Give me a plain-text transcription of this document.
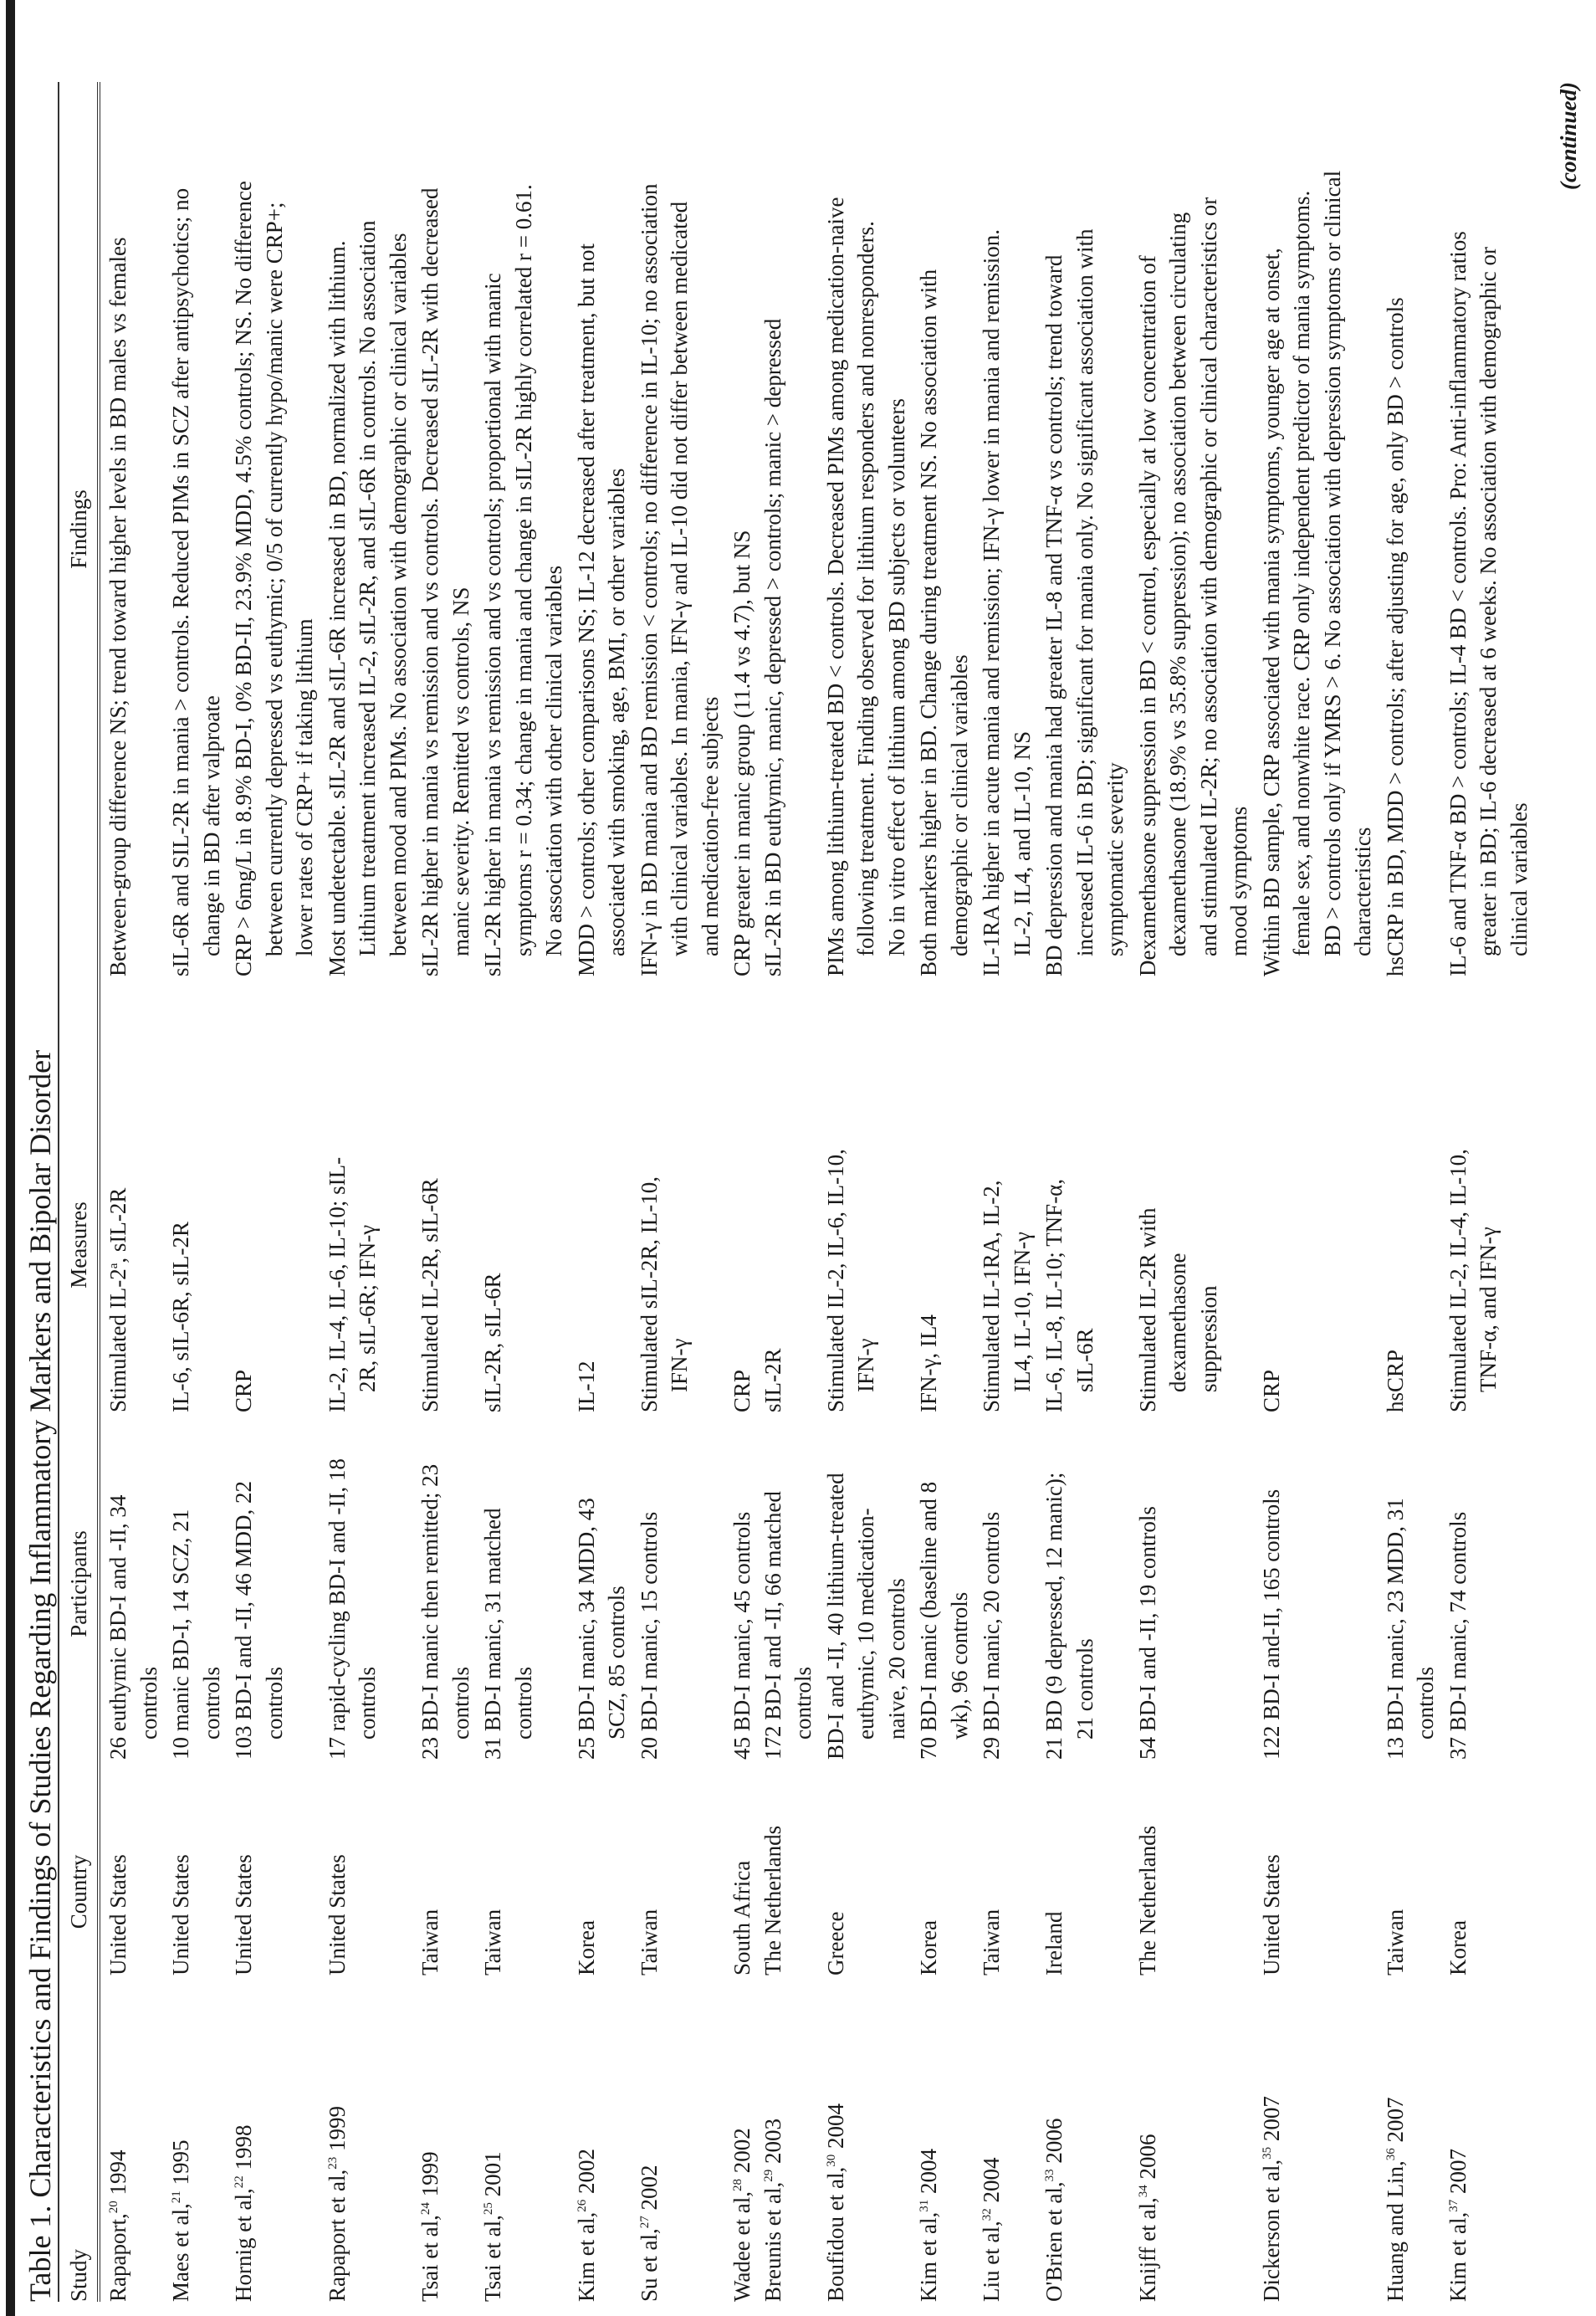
Table 1. Characteristics and Findings of Studies Regarding Inflammatory Markers and Bipolar Disorder Study
Country
Participants
Measures
Findings
Rapaport,$^{20}$ 1994
United States
26 euthymic BD-I and -II, 34 controls
Stimulated IL-2$^a$, sIL-2R
Between-group difference NS; trend toward higher levels in BD males vs females
Maes et al,$^{21}$ 1995
United States
10 manic BD-I, 14 SCZ, 21 controls
IL-6, sIL-6R, sIL-2R
sIL-6R and SIL-2R in mania > controls. Reduced PIMs in SCZ after antipsychotics; no change in BD after valproate
Hornig et al,$^{22}$ 1998
United States
103 BD-I and -II, 46 MDD, 22 controls
CRP
CRP > 6mg/L in 8.9% BD-I, 0% BD-II, 23.9% MDD, 4.5% controls; NS. No difference between currently depressed vs euthymic; 0/5 of currently hypo/manic were CRP+; lower rates of CRP+ if taking lithium
Rapaport et al,$^{23}$ 1999
United States
17 rapid-cycling BD-I and -II, 18 controls
IL-2, IL-4, IL-6, IL-10; sIL- 2R, sIL-6R; IFN-γ
Most undetectable. sIL-2R and sIL-6R increased in BD, normalized with lithium. Lithium treatment increased IL-2, sIL-2R, and sIL-6R in controls. No association between mood and PIMs. No association with demographic or clinical variables
Tsai et al,$^{24}$ 1999
Taiwan
23 BD-I manic then remitted; 23 controls
Stimulated IL-2R, sIL-6R
sIL-2R higher in mania vs remission and vs controls. Decreased sIL-2R with decreased manic severity. Remitted vs controls, NS
Tsai et al,$^{25}$ 2001
Taiwan
31 BD-I manic, 31 matched controls
sIL-2R, sIL-6R
sIL-2R higher in mania vs remission and vs controls; proportional with manic symptoms r = 0.34; change in mania and change in sIL-2R highly correlated r = 0.61. No association with other clinical variables
Kim et al,$^{26}$ 2002
Korea
25 BD-I manic, 34 MDD, 43 SCZ, 85 controls
IL-12
MDD > controls; other comparisons NS; IL-12 decreased after treatment, but not associated with smoking, age, BMI, or other variables
Su et al,$^{27}$ 2002
Taiwan
20 BD-I manic, 15 controls
Stimulated sIL-2R, IL-10, IFN-γ
IFN-γ in BD mania and BD remission < controls; no difference in IL-10; no association with clinical variables. In mania, IFN-γ and IL-10 did not differ between medicated and medication-free subjects
Wadee et al,$^{28}$ 2002
South Africa
45 BD-I manic, 45 controls
CRP
CRP greater in manic group (11.4 vs 4.7), but NS
Breunis et al,$^{29}$ 2003
The Netherlands
172 BD-I and -II, 66 matched controls
sIL-2R
sIL-2R in BD euthymic, manic, depressed > controls; manic > depressed
Boufidou et al,$^{30}$ 2004
Greece
BD-I and -II, 40 lithium-treated euthymic, 10 medication- naive, 20 controls
Stimulated IL-2, IL-6, IL-10, IFN-γ
PIMs among lithium-treated BD < controls. Decreased PIMs among medication-naive following treatment. Finding observed for lithium responders and nonresponders. No in vitro effect of lithium among BD subjects or volunteers
Kim et al,$^{31}$ 2004
Korea
70 BD-I manic (baseline and 8 wk), 96 controls
IFN-γ, IL4
Both markers higher in BD. Change during treatment NS. No association with demographic or clinical variables
Liu et al,$^{32}$ 2004
Taiwan
29 BD-I manic, 20 controls
Stimulated IL-1RA, IL-2, IL4, IL-10, IFN-γ
IL-1RA higher in acute mania and remission; IFN-γ lower in mania and remission. IL-2, IL4, and IL-10, NS
O'Brien et al,$^{33}$ 2006
Ireland
21 BD (9 depressed, 12 manic); 21 controls
IL-6, IL-8, IL-10; TNF-α, sIL-6R
BD depression and mania had greater IL-8 and TNF-α vs controls; trend toward increased IL-6 in BD; significant for mania only. No significant association with symptomatic severity
Knijff et al,$^{34}$ 2006
The Netherlands
54 BD-I and -II, 19 controls
Stimulated IL-2R with dexamethasone suppression
Dexamethasone suppression in BD < control, especially at low concentration of dexamethasone (18.9% vs 35.8% suppression); no association between circulating and stimulated IL-2R; no association with demographic or clinical characteristics or mood symptoms
Dickerson et al,$^{35}$ 2007
United States
122 BD-I and-II, 165 controls
CRP
Within BD sample, CRP associated with mania symptoms, younger age at onset, female sex, and nonwhite race. CRP only independent predictor of mania symptoms. BD > controls only if YMRS > 6. No association with depression symptoms or clinical characteristics
Huang and Lin,$^{36}$ 2007
Taiwan
13 BD-I manic, 23 MDD, 31 controls
hsCRP
hsCRP in BD, MDD > controls; after adjusting for age, only BD > controls
Kim et al,$^{37}$ 2007
Korea
37 BD-I manic, 74 controls
Stimulated IL-2, IL-4, IL-10, TNF-α, and IFN-γ
IL-6 and TNF-α BD > controls; IL-4 BD < controls. Pro: Anti-inflammatory ratios greater in BD; IL-6 decreased at 6 weeks. No association with demographic or clinical variables
(continued)
